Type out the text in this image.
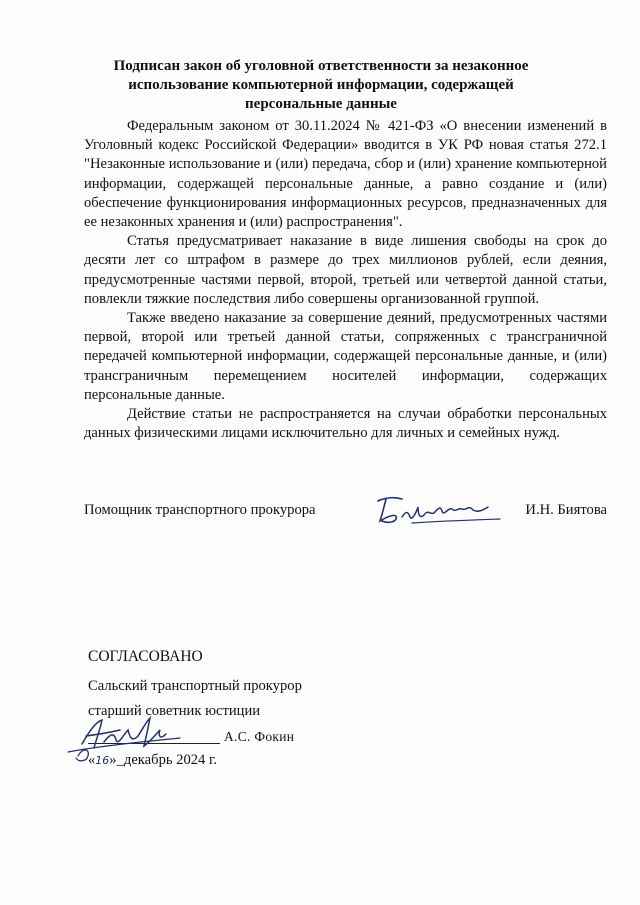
Подписан закон об уголовной ответственности за незаконное использование компьютерной информации, содержащей персональные данные

Федеральным законом от 30.11.2024 № 421-ФЗ «О внесении изменений в Уголовный кодекс Российской Федерации» вводится в УК РФ новая статья 272.1 "Незаконные использование и (или) передача, сбор и (или) хранение компьютерной информации, содержащей персональные данные, а равно создание и (или) обеспечение функционирования информационных ресурсов, предназначенных для ее незаконных хранения и (или) распространения".

Статья предусматривает наказание в виде лишения свободы на срок до десяти лет со штрафом в размере до трех миллионов рублей, если деяния, предусмотренные частями первой, второй, третьей или четвертой данной статьи, повлекли тяжкие последствия либо совершены организованной группой.

Также введено наказание за совершение деяний, предусмотренных частями первой, второй или третьей данной статьи, сопряженных с трансграничной передачей компьютерной информации, содержащей персональные данные, и (или) трансграничным перемещением носителей информации, содержащих персональные данные.

Действие статьи не распространяется на случаи обработки персональных данных физическими лицами исключительно для личных и семейных нужд.

Помощник транспортного прокурора	И.Н. Биятова
СОГЛАСОВАНО
Сальский транспортный прокурор
старший советник юстиции
А.С. Фокин
«16»_декабрь 2024 г.
